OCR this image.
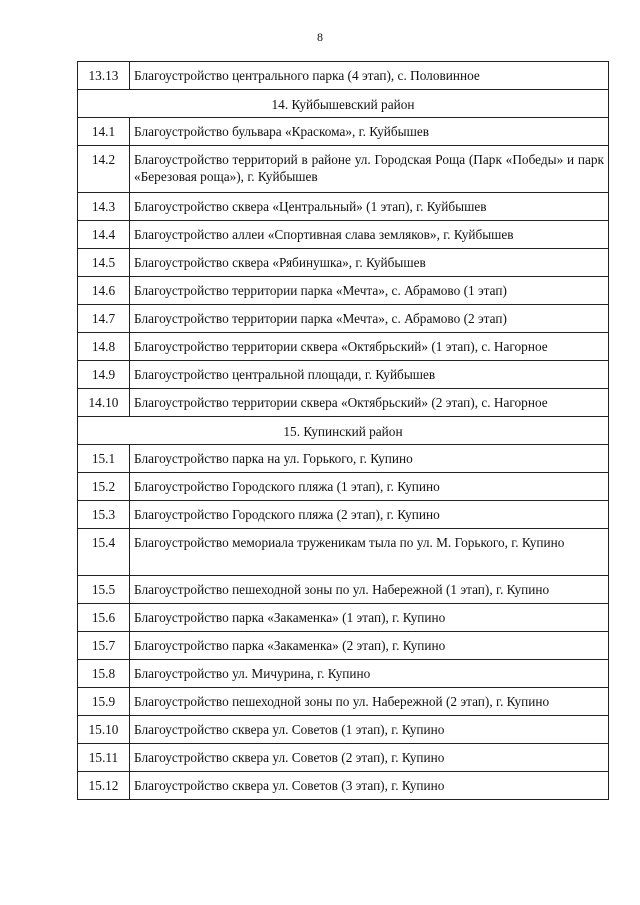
8
13.13	Благоустройство центрального парка (4 этап), с. Половинное
14. Куйбышевский район	
14.1	Благоустройство бульвара «Краскома», г. Куйбышев
14.2	Благоустройство территорий в районе ул. Городская Роща (Парк «Победы» и парк «Березовая роща»), г. Куйбышев
14.3	Благоустройство сквера «Центральный» (1 этап), г. Куйбышев
14.4	Благоустройство аллеи «Спортивная слава земляков», г. Куйбышев
14.5	Благоустройство сквера «Рябинушка», г. Куйбышев
14.6	Благоустройство территории парка «Мечта», с. Абрамово (1 этап)
14.7	Благоустройство территории парка «Мечта», с. Абрамово (2 этап)
14.8	Благоустройство территории сквера «Октябрьский» (1 этап), с. Нагорное
14.9	Благоустройство центральной площади, г. Куйбышев
14.10	Благоустройство территории сквера «Октябрьский» (2 этап), с. Нагорное
15. Купинский район	
15.1	Благоустройство парка на ул. Горького, г. Купино
15.2	Благоустройство Городского пляжа (1 этап), г. Купино
15.3	Благоустройство Городского пляжа (2 этап), г. Купино
15.4	Благоустройство мемориала труженикам тыла по ул. М. Горького, г. Купино
15.5	Благоустройство пешеходной зоны по ул. Набережной (1 этап), г. Купино
15.6	Благоустройство парка «Закаменка» (1 этап), г. Купино
15.7	Благоустройство парка «Закаменка» (2 этап), г. Купино
15.8	Благоустройство ул. Мичурина, г. Купино
15.9	Благоустройство пешеходной зоны по ул. Набережной (2 этап), г. Купино
15.10	Благоустройство сквера ул. Советов (1 этап), г. Купино
15.11	Благоустройство сквера ул. Советов (2 этап), г. Купино
15.12	Благоустройство сквера ул. Советов (3 этап), г. Купино
